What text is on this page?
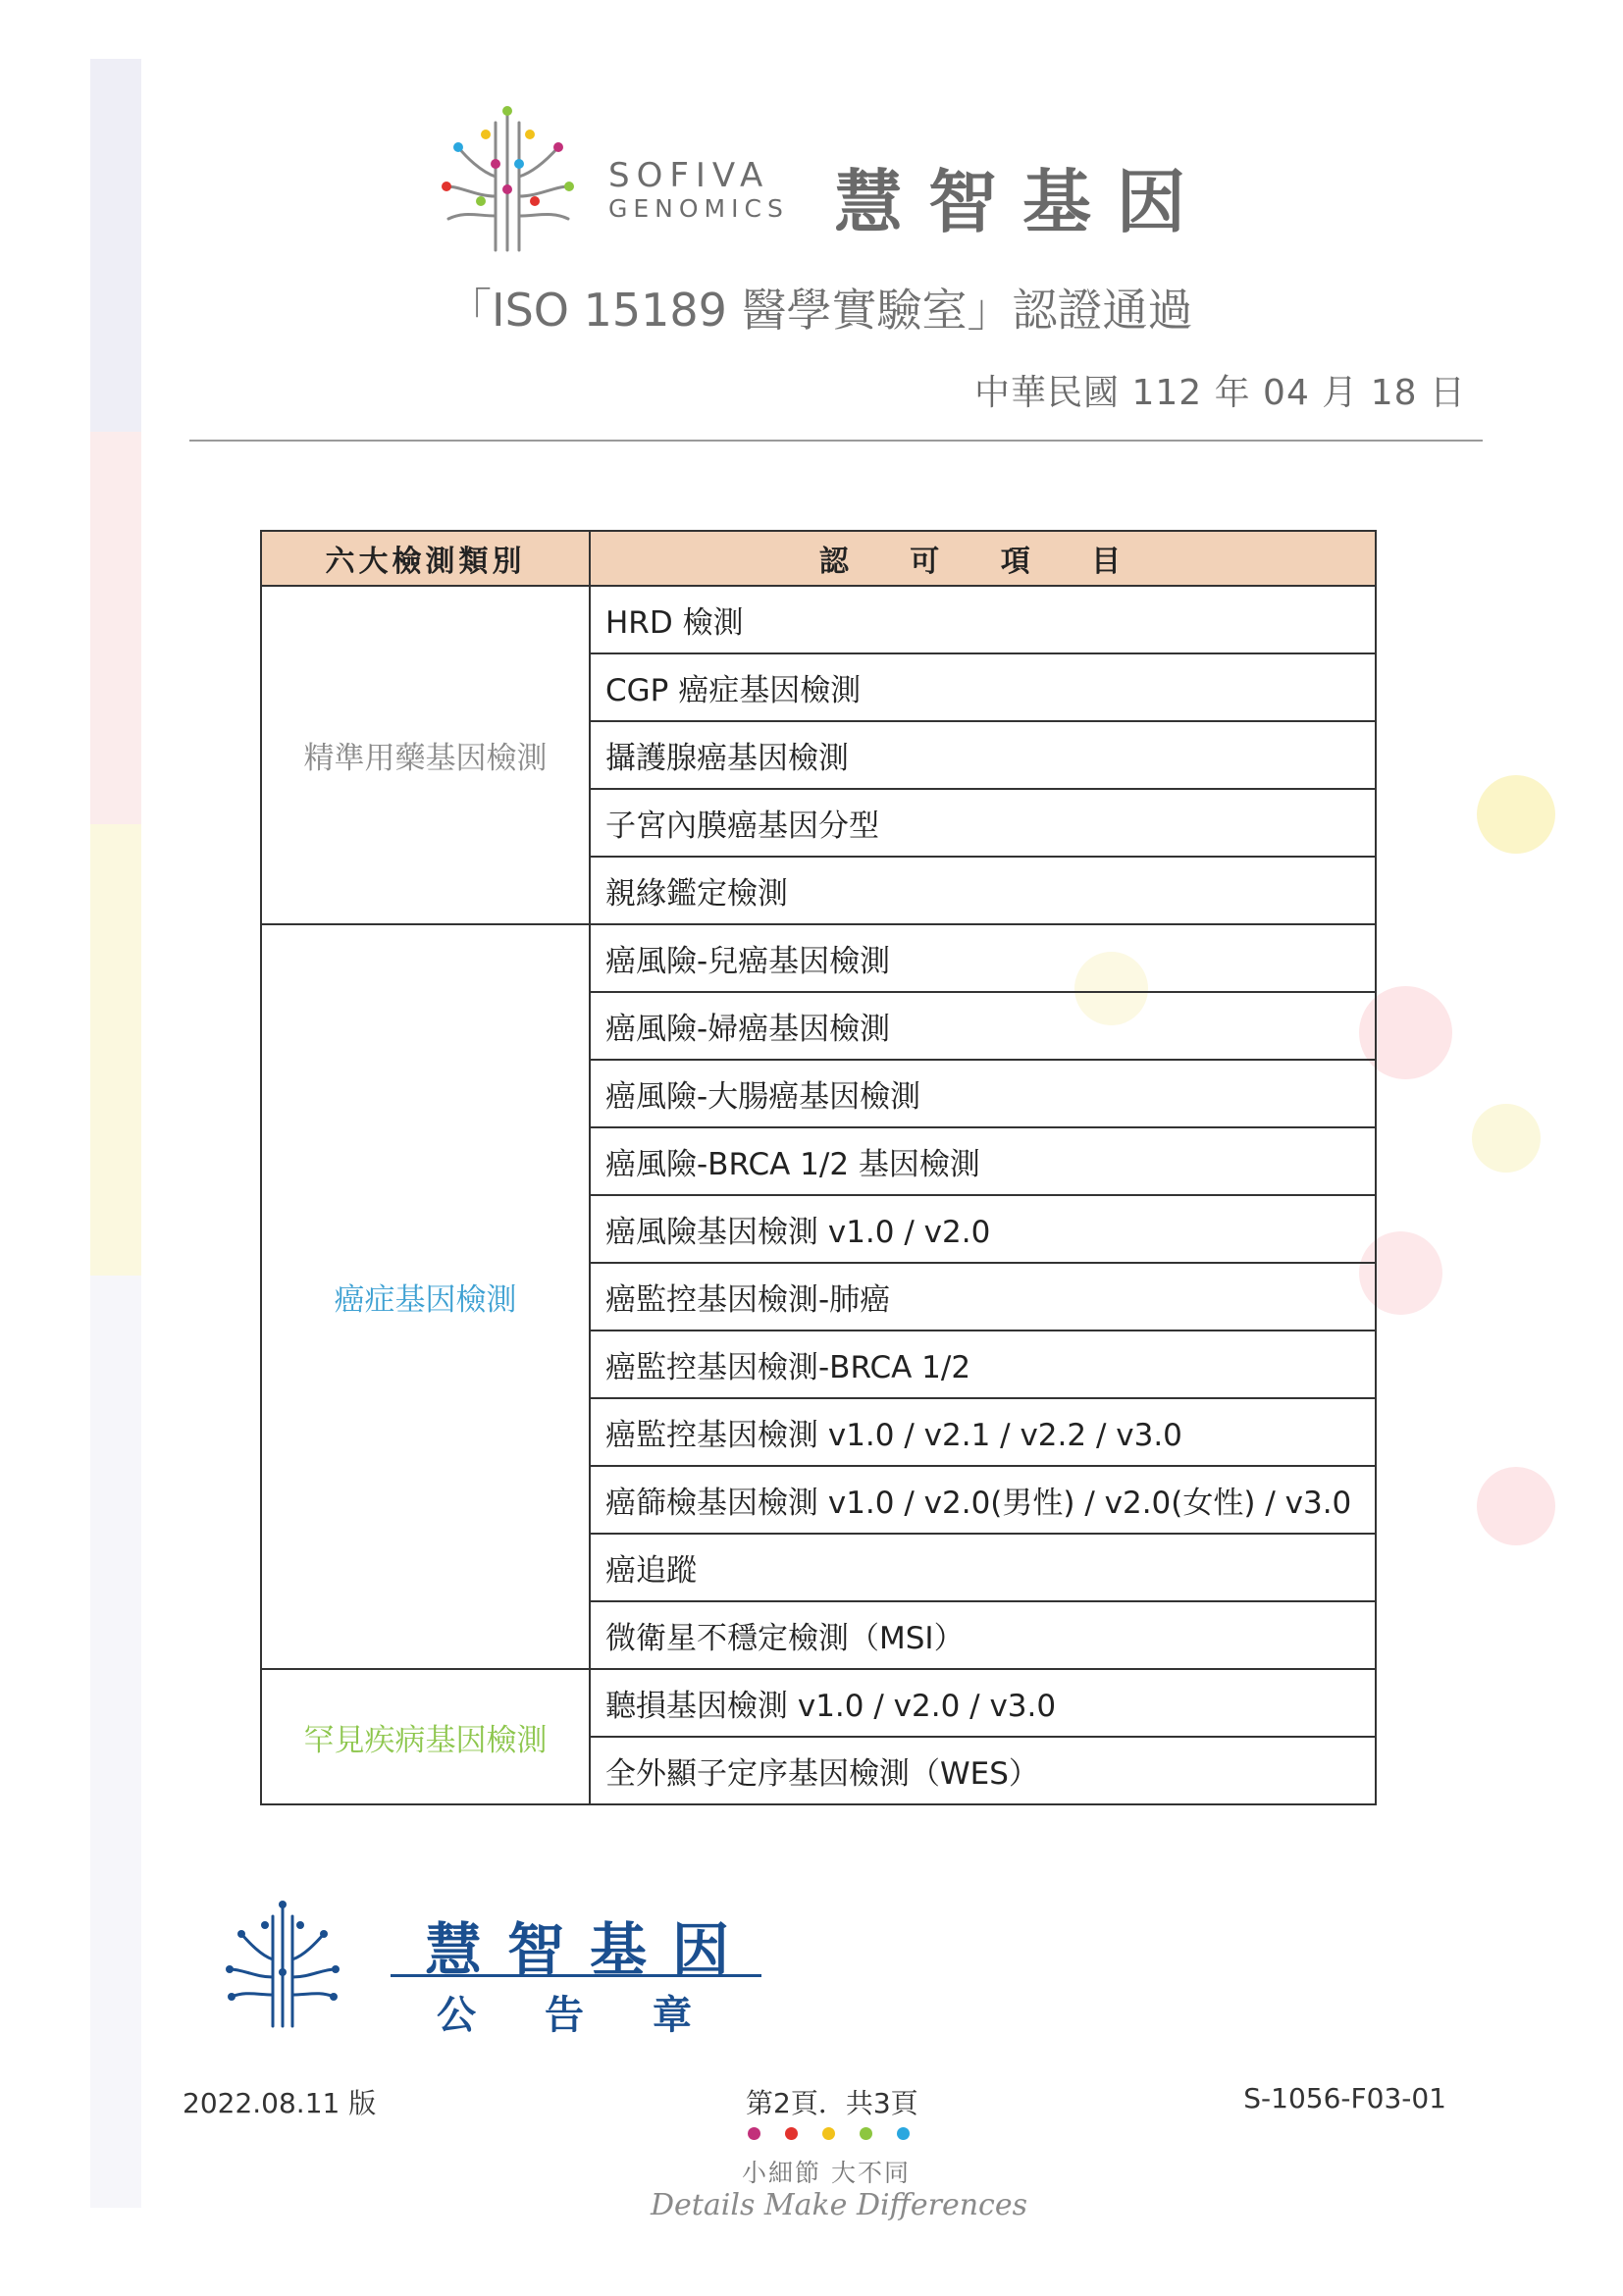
SOFIVA
GENOMICS 慧智基因
「ISO 15189 醫學實驗室」認證通過
中華民國 112 年 04 月 18 日
六大檢測類別	認 可 項 目
精準用藥基因檢測	HRD 檢測
	CGP 癌症基因檢測
	攝護腺癌基因檢測
	子宮內膜癌基因分型
	親緣鑑定檢測
癌症基因檢測	癌風險-兒癌基因檢測
	癌風險-婦癌基因檢測
	癌風險-大腸癌基因檢測
	癌風險-BRCA 1/2 基因檢測
	癌風險基因檢測 v1.0 / v2.0
	癌監控基因檢測-肺癌
	癌監控基因檢測-BRCA 1/2
	癌監控基因檢測 v1.0 / v2.1 / v2.2 / v3.0
	癌篩檢基因檢測 v1.0 / v2.0(男性) / v2.0(女性) / v3.0
	癌追蹤
	微衛星不穩定檢測（MSI）
罕見疾病基因檢測	聽損基因檢測 v1.0 / v2.0 / v3.0
	全外顯子定序基因檢測（WES）
慧智基因
公告章
2022.08.11 版	第2頁．共3頁	S-1056-F03-01
小細節 大不同
Details Make Differences
